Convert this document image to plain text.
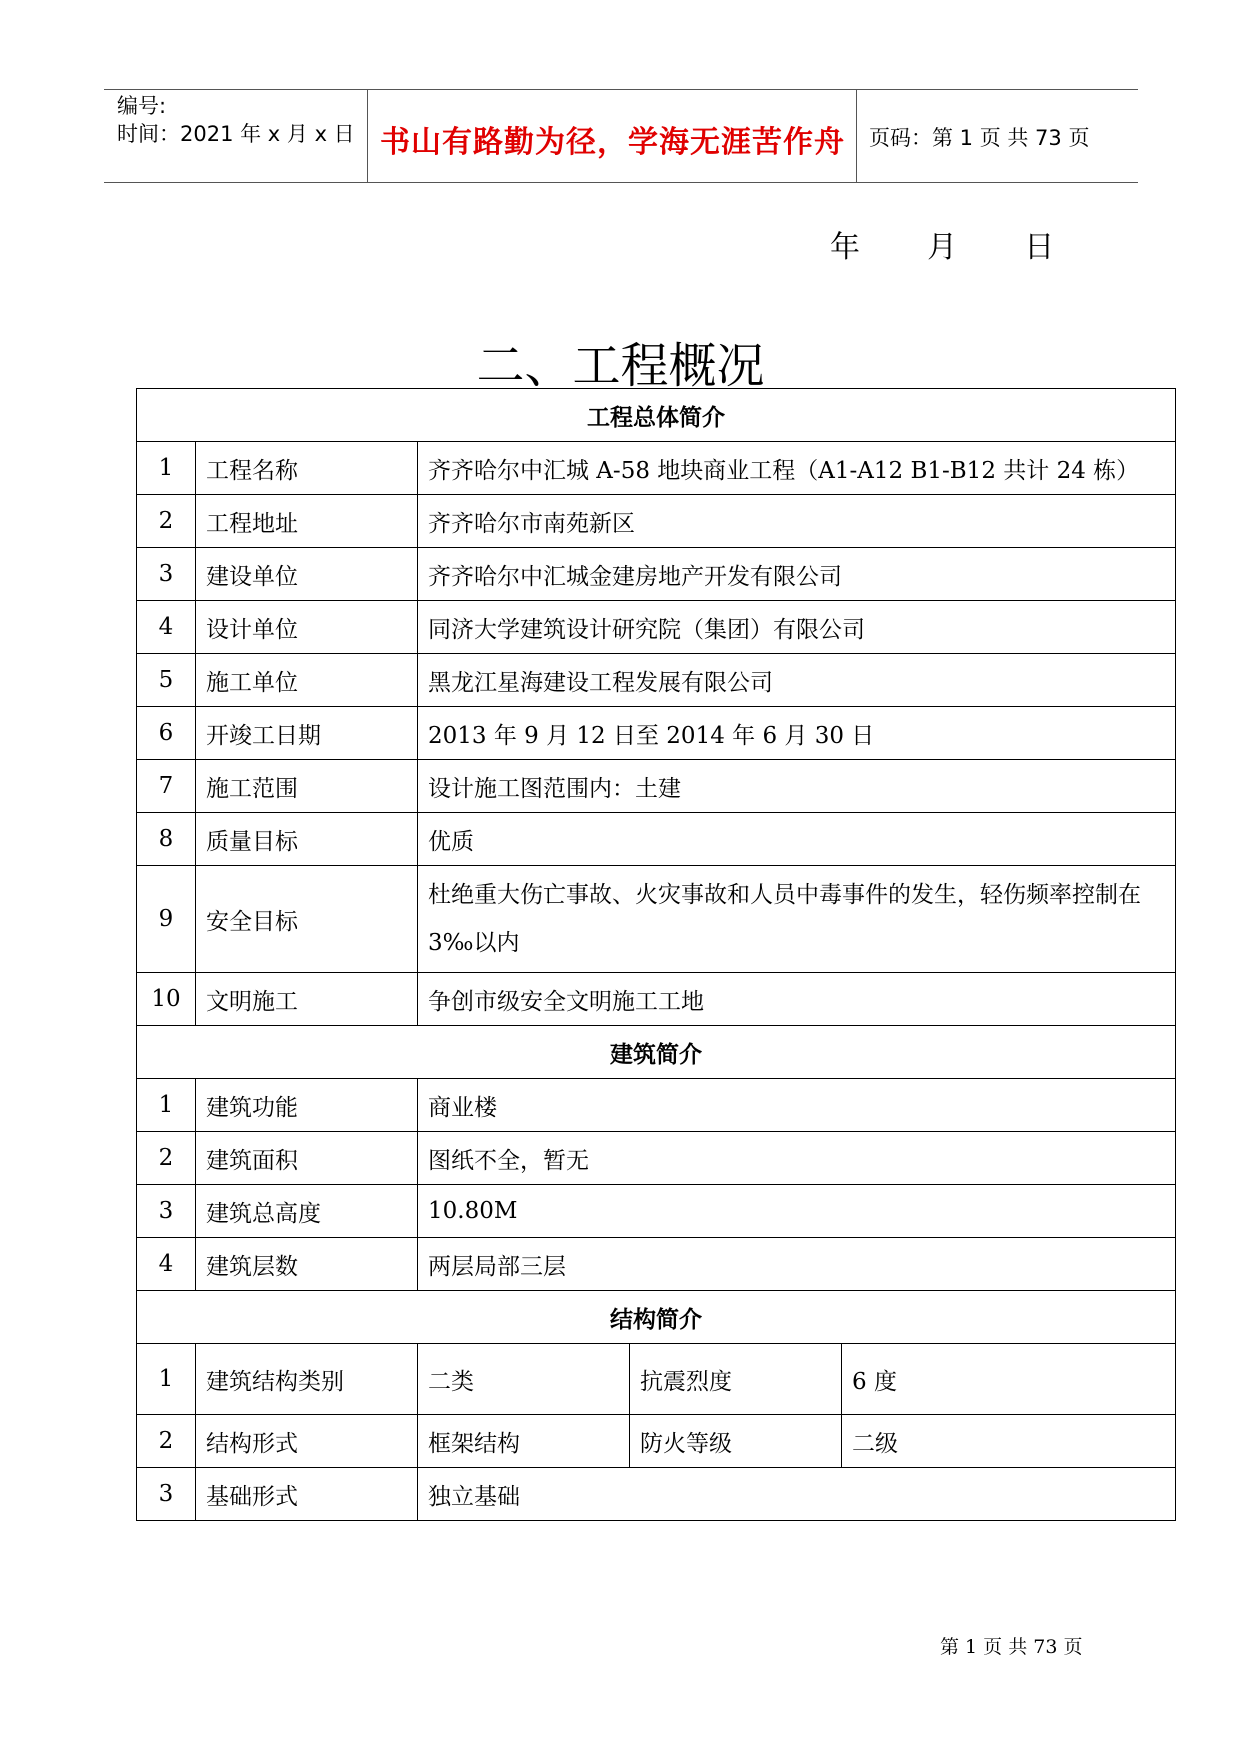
编号:
时间：2021 年 x 月 x 日 书山有路勤为径，学海无涯苦作舟	页码：第 1 页 共 73 页
年 月 日
二、工程概况
工程总体简介				
1	工程名称	齐齐哈尔中汇城 A-58 地块商业工程（A1-A12 B1-B12 共计 24 栋）		
2	工程地址	齐齐哈尔市南苑新区		
3	建设单位	齐齐哈尔中汇城金建房地产开发有限公司		
4	设计单位	同济大学建筑设计研究院（集团）有限公司		
5	施工单位	黑龙江星海建设工程发展有限公司		
6	开竣工日期	2013 年 9 月 12 日至 2014 年 6 月 30 日		
7	施工范围	设计施工图范围内：土建		
8	质量目标	优质		
9	安全目标	杜绝重大伤亡事故、火灾事故和人员中毒事件的发生，轻伤频率控制在 3‰以内		
10	文明施工	争创市级安全文明施工工地		
建筑简介				
1	建筑功能	商业楼		
2	建筑面积	图纸不全，暂无		
3	建筑总高度	10.80M		
4	建筑层数	两层局部三层		
结构简介				
1	建筑结构类别	二类	抗震烈度	6 度
2	结构形式	框架结构	防火等级	二级
3	基础形式	独立基础		
第 1 页 共 73 页
